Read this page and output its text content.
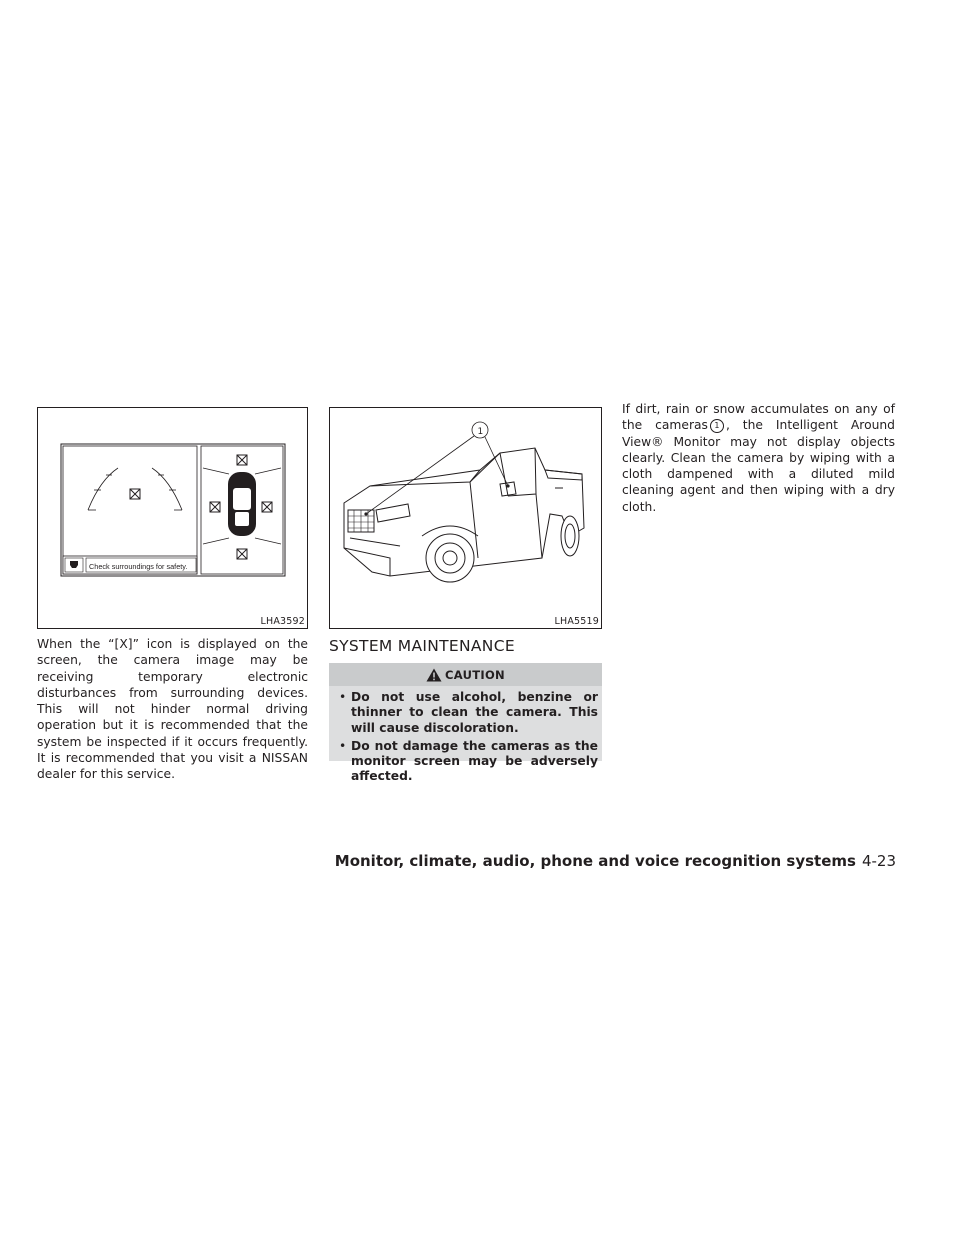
Check surroundings for safety.
LHA3592
1
LHA5519

When the “[X]” icon is displayed on the screen, the camera image may be receiving temporary electronic disturbances from surrounding devices. This will not hinder normal driving operation but it is recommended that the system be inspected if it occurs frequently. It is recommended that you visit a NISSAN dealer for this service.

SYSTEM MAINTENANCE
CAUTION
• Do not use alcohol, benzine or thinner to clean the camera. This will cause discoloration.
• Do not damage the cameras as the monitor screen may be adversely affected.

If dirt, rain or snow accumulates on any of the cameras 1 , the Intelligent Around View® Monitor may not display objects clearly. Clean the camera by wiping with a cloth dampened with a diluted mild cleaning agent and then wiping with a dry cloth.

Monitor, climate, audio, phone and voice recognition systems 4-23
